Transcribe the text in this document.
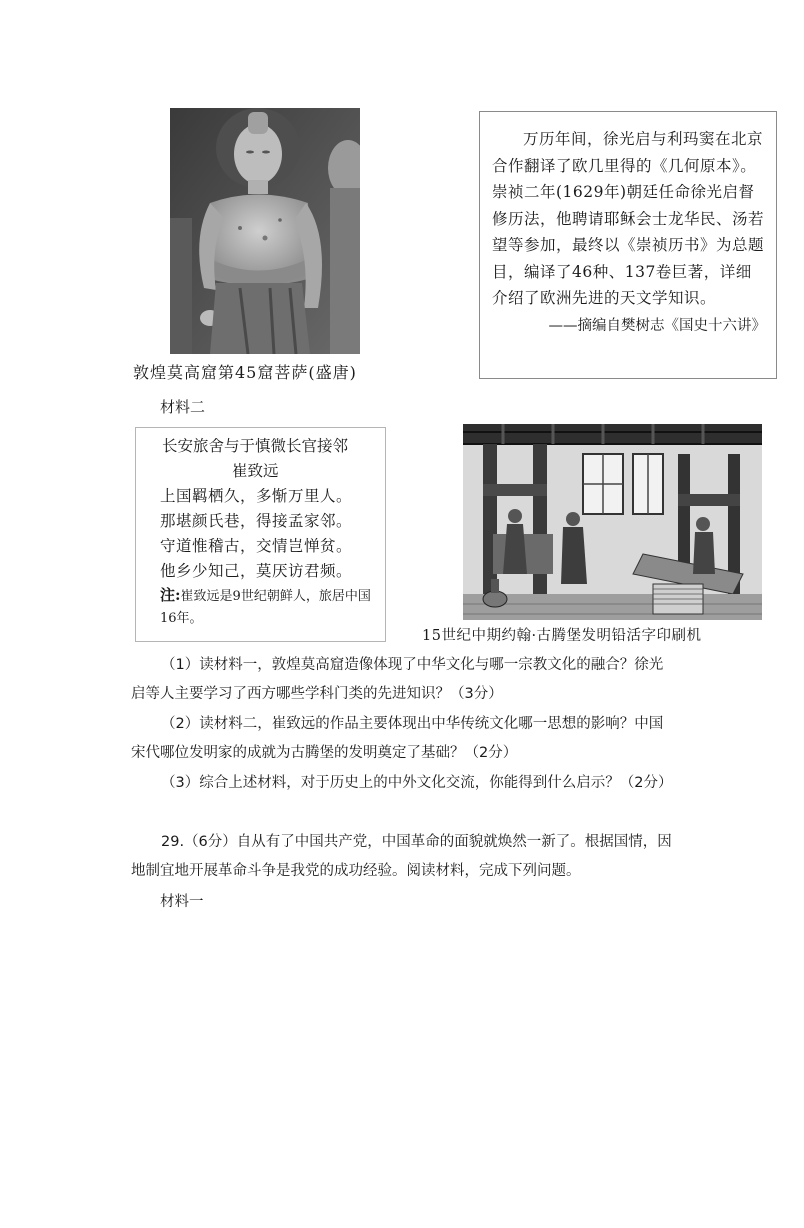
敦煌莫高窟第45窟菩萨(盛唐)
材料二

万历年间，徐光启与利玛窦在北京合作翻译了欧几里得的《几何原本》。崇祯二年(1629年)朝廷任命徐光启督修历法，他聘请耶稣会士龙华民、汤若望等参加，最终以《崇祯历书》为总题目，编译了46种、137卷巨著，详细介绍了欧洲先进的天文学知识。

——摘编自樊树志《国史十六讲》
长安旅舍与于慎微长官接邻
崔致远
上国羁栖久，多惭万里人。
那堪颜氏巷，得接孟家邻。
守道惟稽古，交情岂惮贫。
他乡少知己，莫厌访君频。
注:崔致远是9世纪朝鲜人，旅居中国16年。
15世纪中期约翰·古腾堡发明铅活字印刷机
（1）读材料一，敦煌莫高窟造像体现了中华文化与哪一宗教文化的融合？徐光启等人主要学习了西方哪些学科门类的先进知识？（3分）
（2）读材料二，崔致远的作品主要体现出中华传统文化哪一思想的影响？中国宋代哪位发明家的成就为古腾堡的发明奠定了基础？（2分）
（3）综合上述材料，对于历史上的中外文化交流，你能得到什么启示？（2分）
29.（6分）自从有了中国共产党，中国革命的面貌就焕然一新了。根据国情，因地制宜地开展革命斗争是我党的成功经验。阅读材料，完成下列问题。
材料一
